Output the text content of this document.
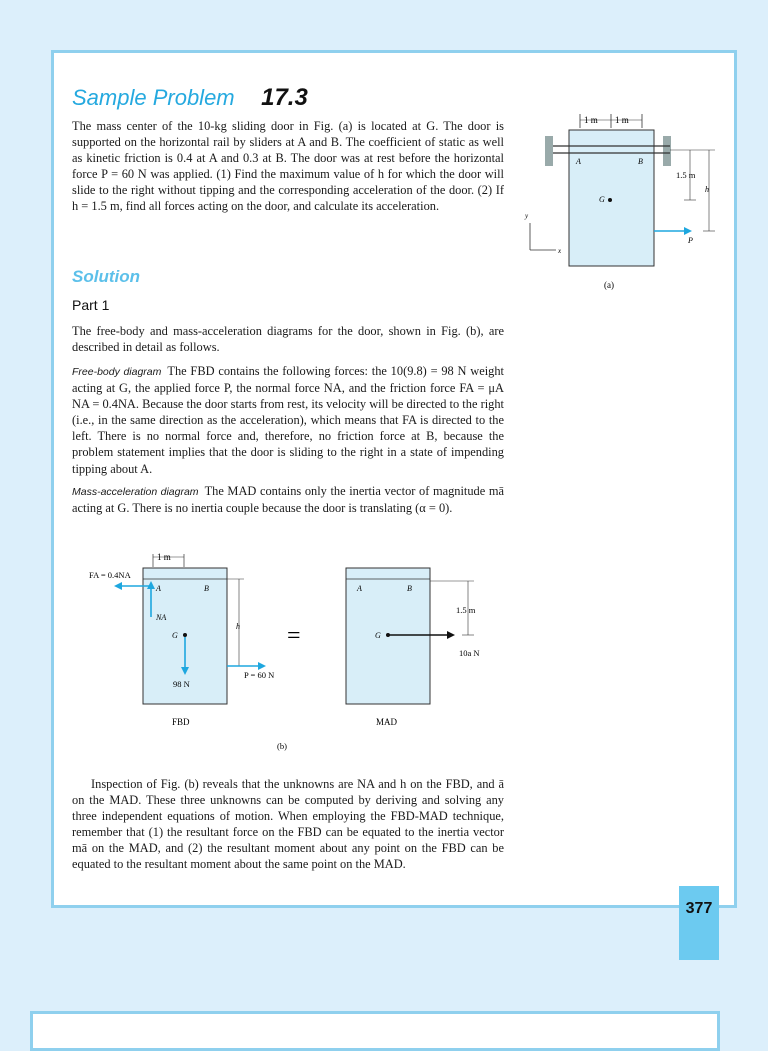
377
Sample Problem 17.3
The mass center of the 10-kg sliding door in Fig. (a) is located at G. The door is supported on the horizontal rail by sliders at A and B. The coefficient of static as well as kinetic friction is 0.4 at A and 0.3 at B. The door was at rest before the horizontal force P = 60 N was applied. (1) Find the maximum value of h for which the door will slide to the right without tipping and the corresponding acceleration of the door. (2) If h = 1.5 m, find all forces acting on the door, and calculate its acceleration.
1 m 1 m
A	B
G
P
1.5 m
h
y
x
(a)
Solution
Part 1
The free-body and mass-acceleration diagrams for the door, shown in Fig. (b), are described in detail as follows.
Free-body diagram The FBD contains the following forces: the 10(9.8) = 98 N weight acting at G, the applied force P, the normal force NA, and the friction force FA = μA NA = 0.4NA. Because the door starts from rest, its velocity will be directed to the right (i.e., in the same direction as the acceleration), which means that FA is directed to the left. There is no normal force and, therefore, no friction force at B, because the problem statement implies that the door is sliding to the right in a state of impending tipping about A.
Mass-acceleration diagram The MAD contains only the inertia vector of magnitude mā acting at G. There is no inertia couple because the door is translating (α = 0).
1 m
FA = 0.4NA
NA
A	B
G
98 N
h
P = 60 N
FBD
=
A	B
G
10a N
1.5 m
MAD
(b)
Inspection of Fig. (b) reveals that the unknowns are NA and h on the FBD, and ā on the MAD. These three unknowns can be computed by deriving and solving any three independent equations of motion. When employing the FBD-MAD technique, remember that (1) the resultant force on the FBD can be equated to the inertia vector mā on the MAD, and (2) the resultant moment about any point on the FBD can be equated to the resultant moment about the same point on the MAD.
